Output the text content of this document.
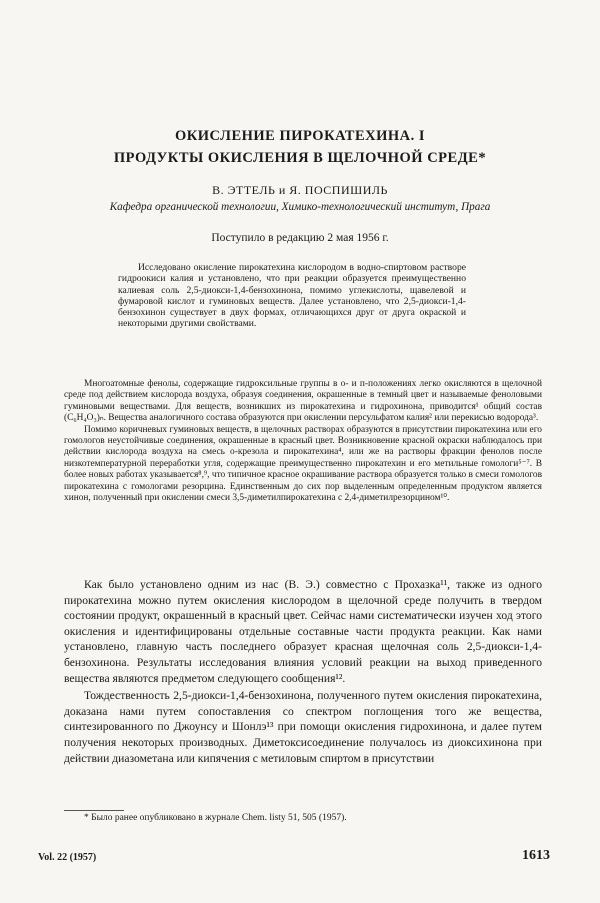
ОКИСЛЕНИЕ ПИРОКАТЕХИНА. I
ПРОДУКТЫ ОКИСЛЕНИЯ В ЩЕЛОЧНОЙ СРЕДЕ*
В. ЭТТЕЛЬ и Я. ПОСПИШИЛЬ
Кафедра органической технологии, Химико-технологический институт, Прага
Поступило в редакцию 2 мая 1956 г.

Исследовано окисление пирокатехина кислородом в водно-спиртовом растворе гидроокиси калия и установлено, что при реакции образуется преимущественно калиевая соль 2,5-диокси-1,4-бензохинона, помимо углекислоты, щавелевой и фумаровой кислот и гуминовых веществ. Далее установлено, что 2,5-диокси-1,4-бензохинон существует в двух формах, отличающихся друг от друга окраской и некоторыми другими свойствами.

Многоатомные фенолы, содержащие гидроксильные группы в о- и п-положениях легко окисляются в щелочной среде под действием кислорода воздуха, образуя соединения, окрашенные в темный цвет и называемые феноловыми гуминовыми веществами. Для веществ, возникших из пирокатехина и гидрохинона, приводится¹ общий состав (C₆H₄O₃)ₙ. Вещества аналогичного состава образуются при окислении персульфатом калия² или перекисью водорода³.

Помимо коричневых гуминовых веществ, в щелочных растворах образуются в присутствии пирокатехина или его гомологов неустойчивые соединения, окрашенные в красный цвет. Возникновение красной окраски наблюдалось при действии кислорода воздуха на смесь о-крезола и пирокатехина⁴, или же на растворы фракции фенолов после низкотемпературной переработки угля, содержащие преимущественно пирокатехин и его метильные гомологи⁵⁻⁷. В более новых работах указывается⁸,⁹, что типичное красное окрашивание раствора образуется только в смеси гомологов пирокатехина с гомологами резорцина. Единственным до сих пор выделенным определенным продуктом является хинон, полученный при окислении смеси 3,5-диметилпирокатехина с 2,4-диметилрезорцином¹⁰.

Как было установлено одним из нас (В. Э.) совместно с Прохазка¹¹, также из одного пирокатехина можно путем окисления кислородом в щелочной среде получить в твердом состоянии продукт, окрашенный в красный цвет. Сейчас нами систематически изучен ход этого окисления и идентифицированы отдельные составные части продукта реакции. Как нами установлено, главную часть последнего образует красная щелочная соль 2,5-диокси-1,4-бензохинона. Результаты исследования влияния условий реакции на выход приведенного вещества являются предметом следующего сообщения¹².

Тождественность 2,5-диокси-1,4-бензохинона, полученного путем окисления пирокатехина, доказана нами путем сопоставления со спектром поглощения того же вещества, синтезированного по Джоунсу и Шонлэ¹³ при помощи окисления гидрохинона, и далее путем получения некоторых производных. Диметоксисоединение получалось из диоксихинона при действии диазометана или кипячения с метиловым спиртом в присутствии

* Было ранее опубликовано в журнале Chem. listy 51, 505 (1957).
Vol. 22 (1957)	1613
